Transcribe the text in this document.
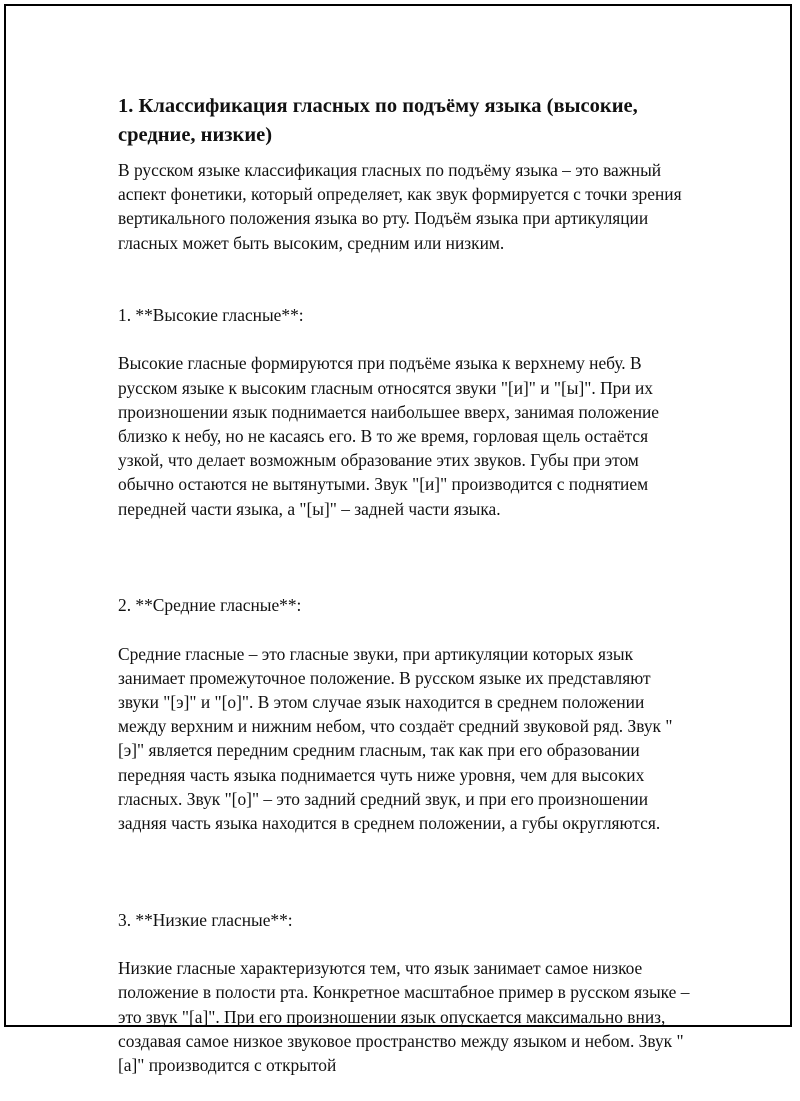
1. Классификация гласных по подъёму языка (высокие, средние, низкие)

В русском языке классификация гласных по подъёму языка – это важный аспект фонетики, который определяет, как звук формируется с точки зрения вертикального положения языка во рту. Подъём языка при артикуляции гласных может быть высоким, средним или низким.

1. **Высокие гласные**:

Высокие гласные формируются при подъёме языка к верхнему небу. В русском языке к высоким гласным относятся звуки "[и]" и "[ы]". При их произношении язык поднимается наибольшее вверх, занимая положение близко к небу, но не касаясь его. В то же время, горловая щель остаётся узкой, что делает возможным образование этих звуков. Губы при этом обычно остаются не вытянутыми. Звук "[и]" производится с поднятием передней части языка, а "[ы]" – задней части языка.

2. **Средние гласные**:

Средние гласные – это гласные звуки, при артикуляции которых язык занимает промежуточное положение. В русском языке их представляют звуки "[э]" и "[о]". В этом случае язык находится в среднем положении между верхним и нижним небом, что создаёт средний звуковой ряд. Звук "[э]" является передним средним гласным, так как при его образовании передняя часть языка поднимается чуть ниже уровня, чем для высоких гласных. Звук "[о]" – это задний средний звук, и при его произношении задняя часть языка находится в среднем положении, а губы округляются.

3. **Низкие гласные**:

Низкие гласные характеризуются тем, что язык занимает самое низкое положение в полости рта. Конкретное масштабное пример в русском языке – это звук "[а]". При его произношении язык опускается максимально вниз, создавая самое низкое звуковое пространство между языком и небом. Звук "[а]" производится с открытой
